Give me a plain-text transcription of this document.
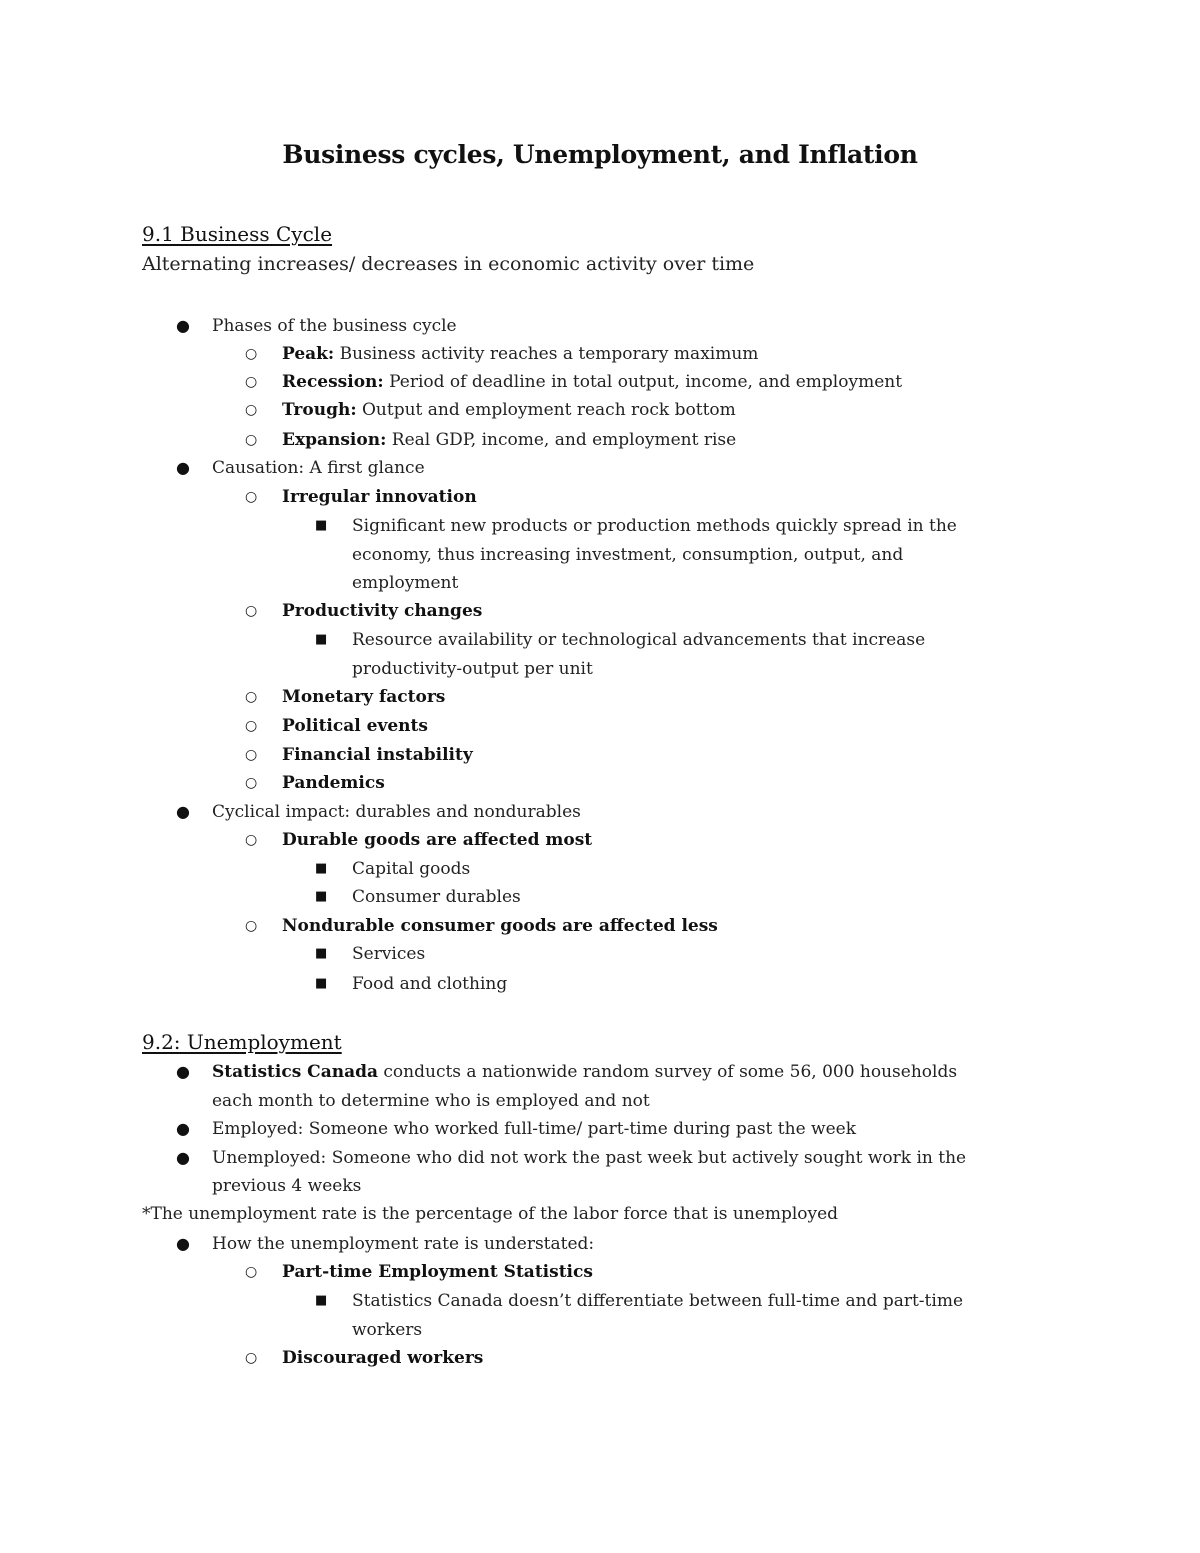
Business cycles, Unemployment, and Inflation
9.1 Business Cycle
Alternating increases/ decreases in economic activity over time
● Phases of the business cycle
○ Peak: Business activity reaches a temporary maximum
○ Recession: Period of deadline in total output, income, and employment
○ Trough: Output and employment reach rock bottom
○ Expansion: Real GDP, income, and employment rise
● Causation: A first glance
○ Irregular innovation
■ Significant new products or production methods quickly spread in the
economy, thus increasing investment, consumption, output, and
employment
○ Productivity changes
■ Resource availability or technological advancements that increase
productivity-output per unit
○ Monetary factors
○ Political events
○ Financial instability
○ Pandemics
● Cyclical impact: durables and nondurables
○ Durable goods are affected most
■ Capital goods
■ Consumer durables
○ Nondurable consumer goods are affected less
■ Services
■ Food and clothing
9.2: Unemployment
● Statistics Canada conducts a nationwide random survey of some 56, 000 households
each month to determine who is employed and not
● Employed: Someone who worked full-time/ part-time during past the week
● Unemployed: Someone who did not work the past week but actively sought work in the
previous 4 weeks
*The unemployment rate is the percentage of the labor force that is unemployed
● How the unemployment rate is understated:
○ Part-time Employment Statistics
■ Statistics Canada doesn’t differentiate between full-time and part-time
workers
○ Discouraged workers
